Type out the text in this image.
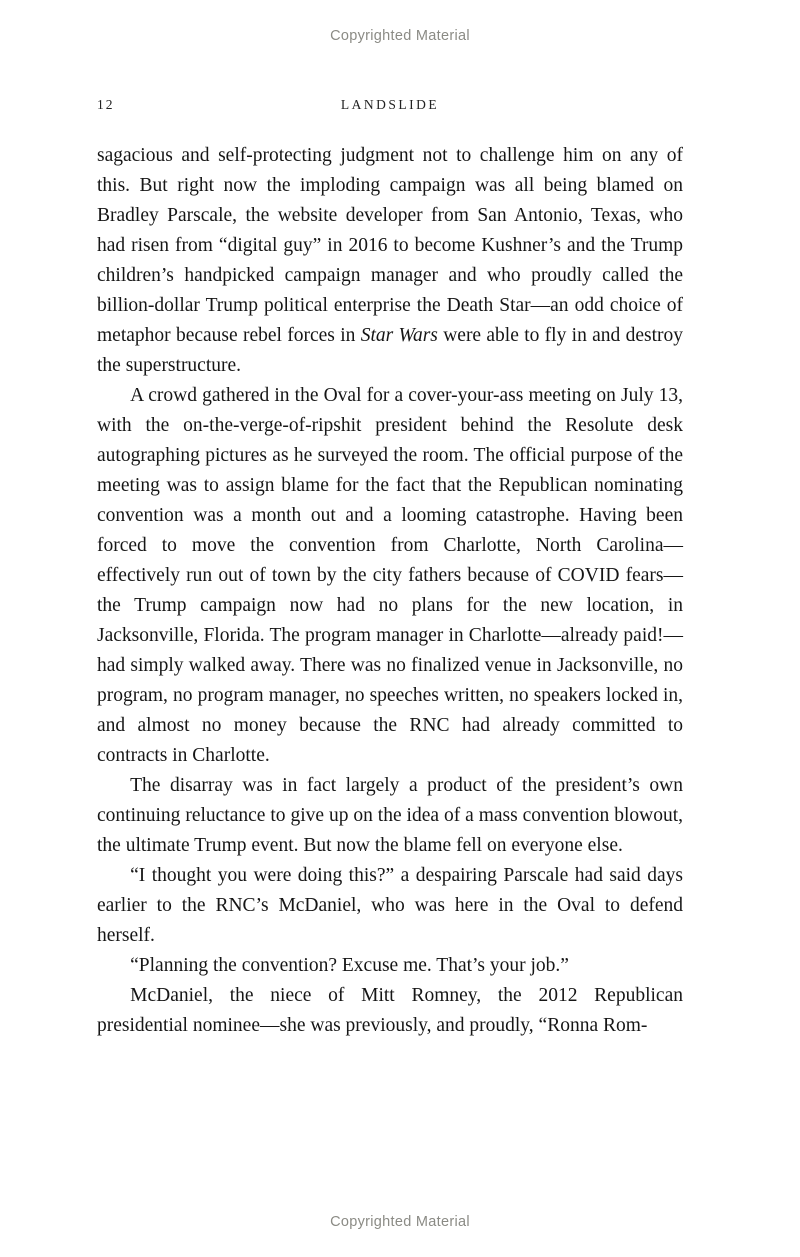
Copyrighted Material
12	LANDSLIDE

sagacious and self-protecting judgment not to challenge him on any of this. But right now the imploding campaign was all being blamed on Bradley Parscale, the website developer from San Antonio, Texas, who had risen from “digital guy” in 2016 to become Kushner’s and the Trump children’s handpicked campaign manager and who proudly called the billion-dollar Trump political enterprise the Death Star—an odd choice of metaphor because rebel forces in Star Wars were able to fly in and destroy the superstructure.

A crowd gathered in the Oval for a cover-your-ass meeting on July 13, with the on-the-verge-of-ripshit president behind the Resolute desk autographing pictures as he surveyed the room. The official purpose of the meeting was to assign blame for the fact that the Republican nominating convention was a month out and a looming catastrophe. Having been forced to move the convention from Charlotte, North Carolina—effectively run out of town by the city fathers because of COVID fears—the Trump campaign now had no plans for the new location, in Jacksonville, Florida. The program manager in Charlotte—already paid!—had simply walked away. There was no finalized venue in Jacksonville, no program, no program manager, no speeches written, no speakers locked in, and almost no money because the RNC had already committed to contracts in Charlotte.

The disarray was in fact largely a product of the president’s own continuing reluctance to give up on the idea of a mass convention blowout, the ultimate Trump event. But now the blame fell on everyone else.

“I thought you were doing this?” a despairing Parscale had said days earlier to the RNC’s McDaniel, who was here in the Oval to defend herself.

“Planning the convention? Excuse me. That’s your job.”

McDaniel, the niece of Mitt Romney, the 2012 Republican presidential nominee—she was previously, and proudly, “Ronna Rom-

Copyrighted Material
